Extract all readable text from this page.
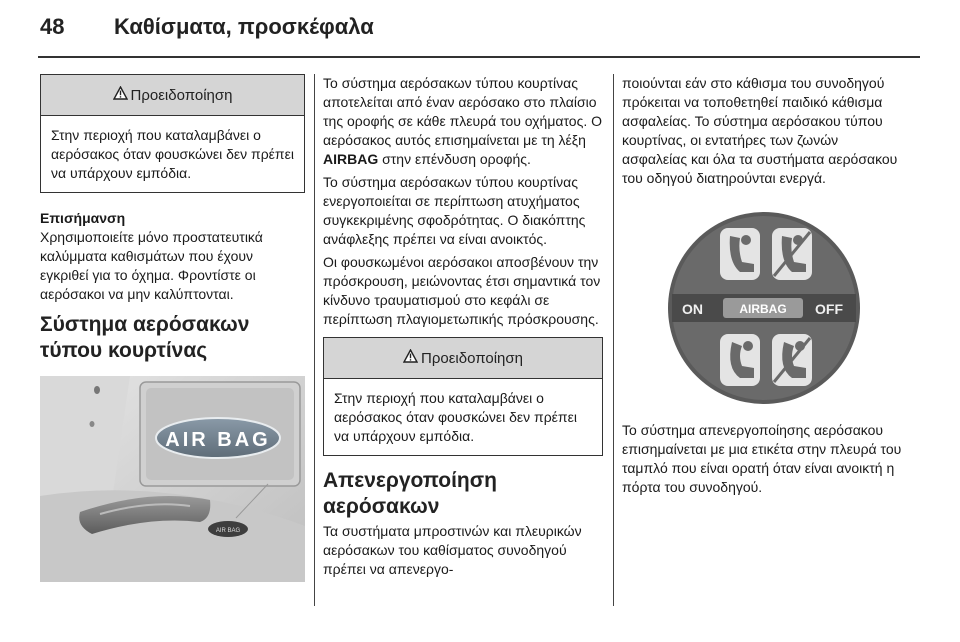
48 Καθίσματα, προσκέφαλα
Προειδοποίηση
Στην περιοχή που καταλαμβάνει ο αερόσακος όταν φουσκώνει δεν πρέπει να υπάρχουν εμπόδια.
Επισήμανση
Χρησιμοποιείτε μόνο προστατευτικά καλύμματα καθισμάτων που έχουν εγκριθεί για το όχημα. Φροντίστε οι αερόσακοι να μην καλύπτονται.
Σύστημα αερόσακων
τύπου κουρτίνας
AIR BAG
AIR BAG
Το σύστημα αερόσακων τύπου κουρτίνας αποτελείται από έναν αερόσακο στο πλαίσιο της οροφής σε κάθε πλευρά του οχήματος. Ο αερόσακος αυτός επισημαίνεται με τη λέξη AIRBAG στην επένδυση οροφής.
Το σύστημα αερόσακων τύπου κουρτίνας ενεργοποιείται σε περίπτωση ατυχήματος συγκεκριμένης σφοδρότητας. Ο διακόπτης ανάφλεξης πρέπει να είναι ανοικτός.
Οι φουσκωμένοι αερόσακοι αποσβένουν την πρόσκρουση, μειώνοντας έτσι σημαντικά τον κίνδυνο τραυματισμού στο κεφάλι σε περίπτωση πλαγιομετωπικής πρόσκρουσης.
Προειδοποίηση
Στην περιοχή που καταλαμβάνει ο αερόσακος όταν φουσκώνει δεν πρέπει να υπάρχουν εμπόδια.
Απενεργοποίηση
αερόσακων
Τα συστήματα μπροστινών και πλευρικών αερόσακων του καθίσματος συνοδηγού πρέπει να απενεργο-
ποιούνται εάν στο κάθισμα του συνοδηγού πρόκειται να τοποθετηθεί παιδικό κάθισμα ασφαλείας. Το σύστημα αερόσακου τύπου κουρτίνας, οι εντατήρες των ζωνών ασφαλείας και όλα τα συστήματα αερόσακου του οδηγού διατηρούνται ενεργά.
ON	AIRBAG OFF
Το σύστημα απενεργοποίησης αερόσακου επισημαίνεται με μια ετικέτα στην πλευρά του ταμπλό που είναι ορατή όταν είναι ανοικτή η πόρτα του συνοδηγού.
